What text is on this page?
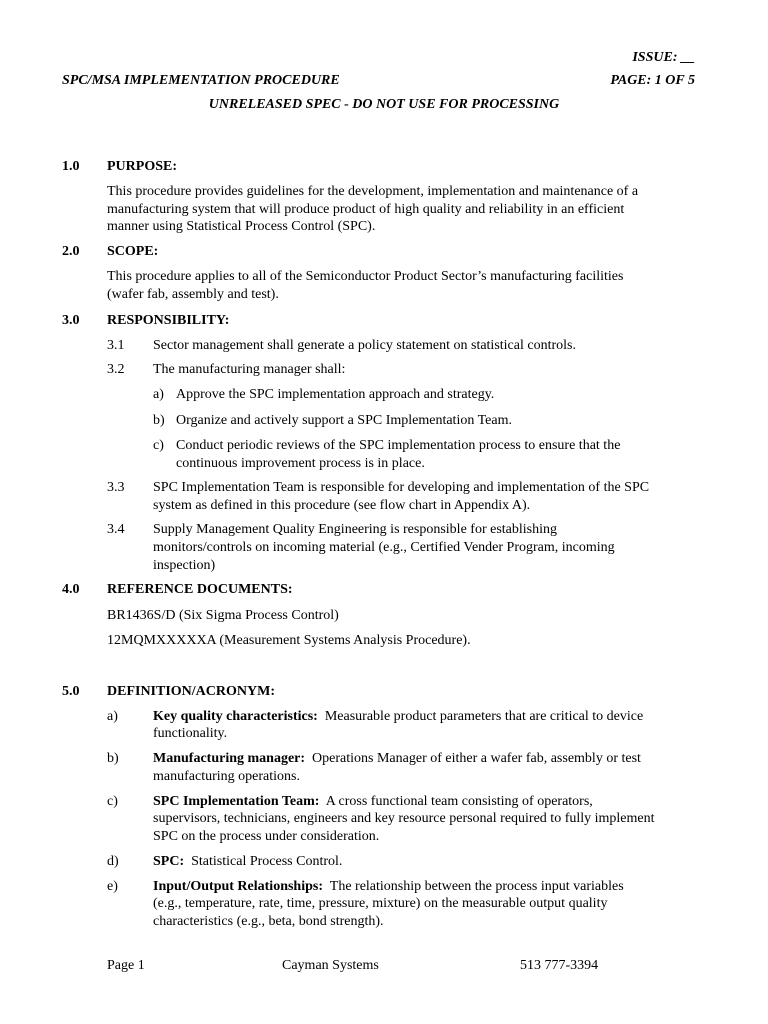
ISSUE: __
SPC/MSA IMPLEMENTATION PROCEDURE	PAGE: 1 OF 5
UNRELEASED SPEC - DO NOT USE FOR PROCESSING
1.0 PURPOSE:
This procedure provides guidelines for the development, implementation and maintenance of a
manufacturing system that will produce product of high quality and reliability in an efficient
manner using Statistical Process Control (SPC).
2.0 SCOPE:
This procedure applies to all of the Semiconductor Product Sector’s manufacturing facilities
(wafer fab, assembly and test).
3.0 RESPONSIBILITY:
3.1 Sector management shall generate a policy statement on statistical controls.
3.2 The manufacturing manager shall:
a) Approve the SPC implementation approach and strategy.
b) Organize and actively support a SPC Implementation Team.
c) Conduct periodic reviews of the SPC implementation process to ensure that the
continuous improvement process is in place.
3.3 SPC Implementation Team is responsible for developing and implementation of the SPC
system as defined in this procedure (see flow chart in Appendix A).
3.4 Supply Management Quality Engineering is responsible for establishing
monitors/controls on incoming material (e.g., Certified Vender Program, incoming
inspection)
4.0 REFERENCE DOCUMENTS:
BR1436S/D (Six Sigma Process Control)
12MQMXXXXXA (Measurement Systems Analysis Procedure).
5.0 DEFINITION/ACRONYM:
a)	Key quality characteristics: Measurable product parameters that are critical to device
functionality.
b) Manufacturing manager: Operations Manager of either a wafer fab, assembly or test
manufacturing operations.
c)	SPC Implementation Team: A cross functional team consisting of operators,
supervisors, technicians, engineers and key resource personal required to fully implement
SPC on the process under consideration.
d) SPC: Statistical Process Control.
e)	Input/Output Relationships: The relationship between the process input variables
(e.g., temperature, rate, time, pressure, mixture) on the measurable output quality
characteristics (e.g., beta, bond strength).
Page 1	Cayman Systems	513 777-3394
